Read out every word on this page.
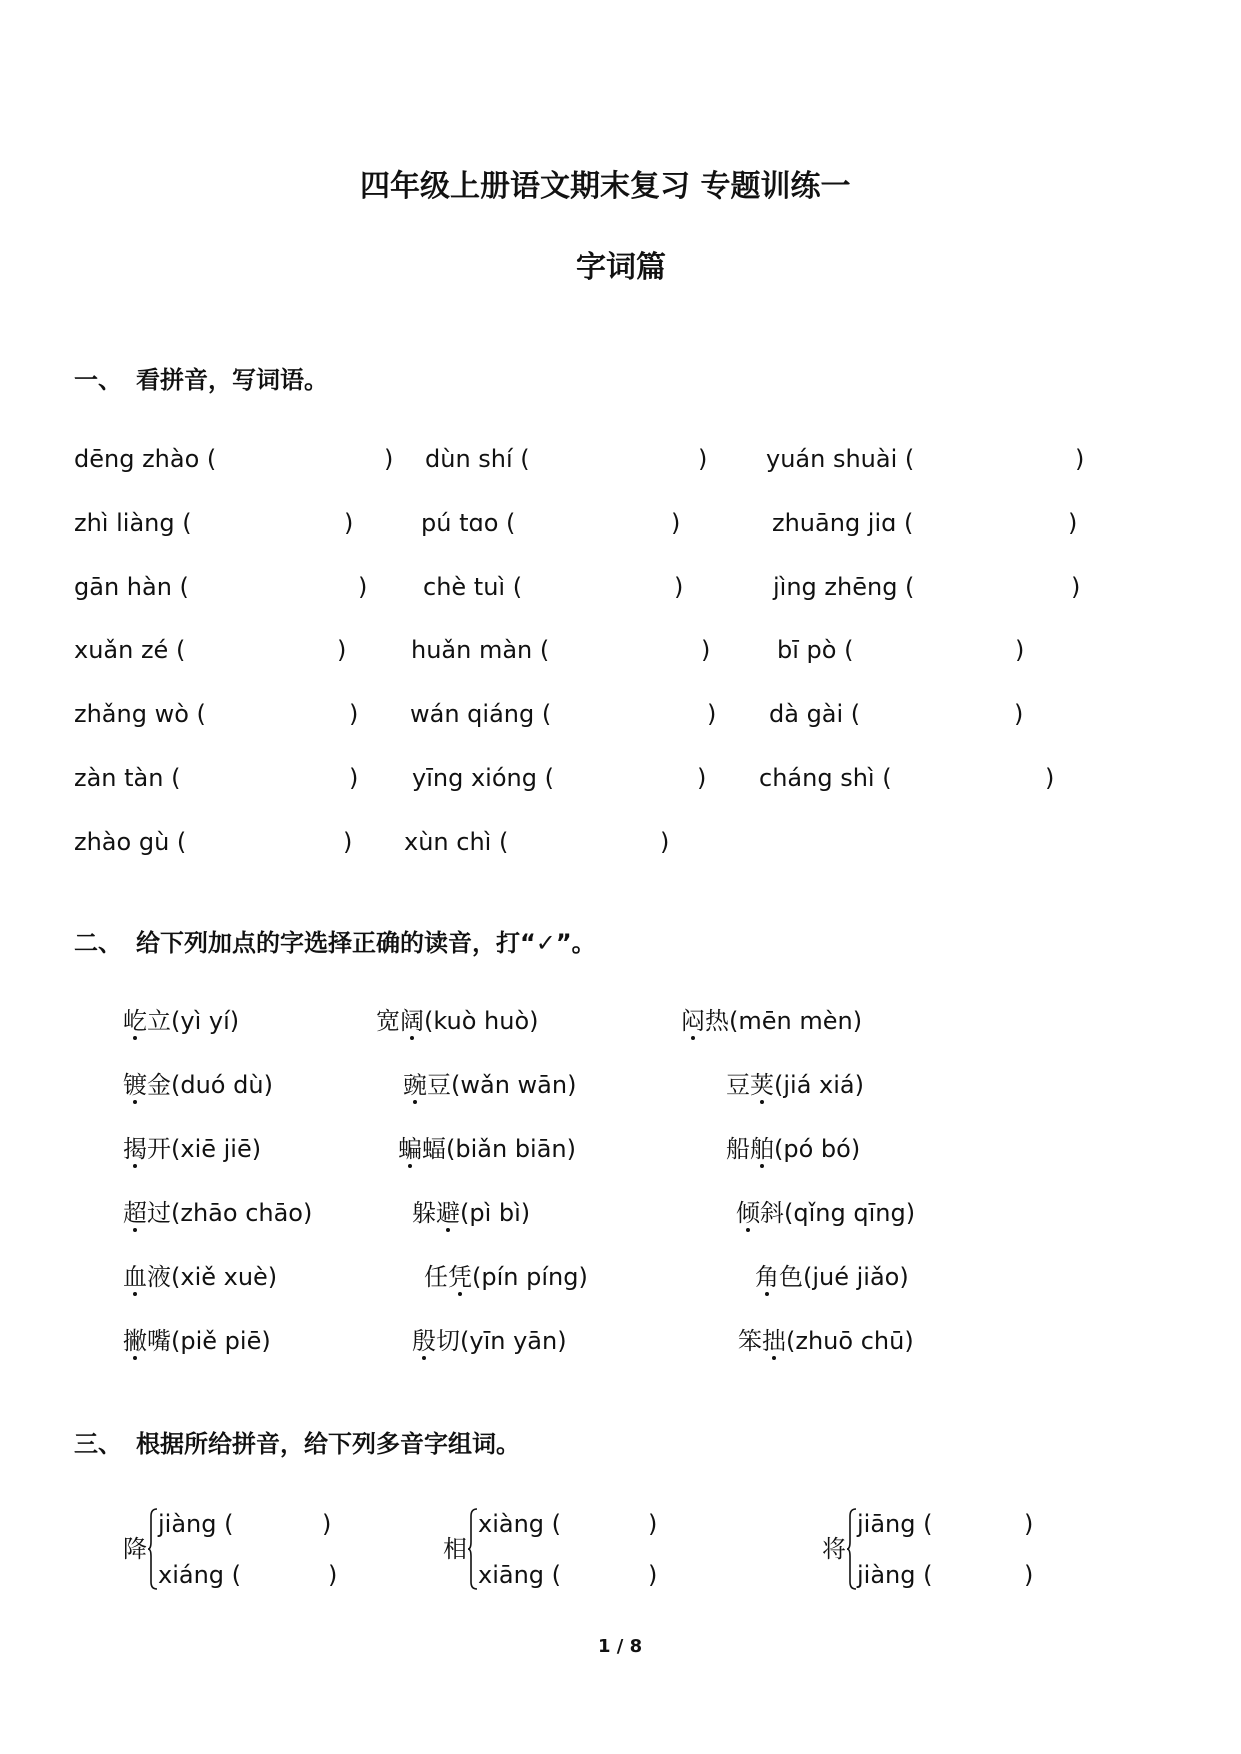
四年级上册语文期末复习 专题训练一
字词篇
一、 看拼音，写词语。
dēng zhào (	) dùn shí (	) yuán shuài (	)
zhì liàng (	)	pú tɑo (	)	zhuāng jiɑ (	)
gān hàn (	) chè tuì (	)	jìng zhēng (	)
xuǎn zé (	)	huǎn màn (	)	bī pò (	)
zhǎng wò (	) wán qiáng (	) dà gài (	)
zàn tàn (	) yīng xióng (	) cháng shì (	)
zhào gù (	) xùn chì (	)
二、 给下列加点的字选择正确的读音，打“✓”。
屹立(yì yí)	宽阔(kuò huò)	闷热(mēn mèn)
镀金(duó dù)	豌豆(wǎn wān)	豆荚(jiá xiá)
揭开(xiē jiē)	蝙蝠(biǎn biān)	船舶(pó bó)
超过(zhāo chāo)	躲避(pì bì)	倾斜(qǐng qīng)
血液(xiě xuè)	任凭(pín píng)	角色(jué jiǎo)
撇嘴(piě piē)	殷切(yīn yān)	笨拙(zhuō chū)
三、 根据所给拼音，给下列多音字组词。
降
jiàng (	)
xiáng (	)
相
xiàng (	)
xiāng (	)
将
jiāng (	)
jiàng (	)
1 / 8
